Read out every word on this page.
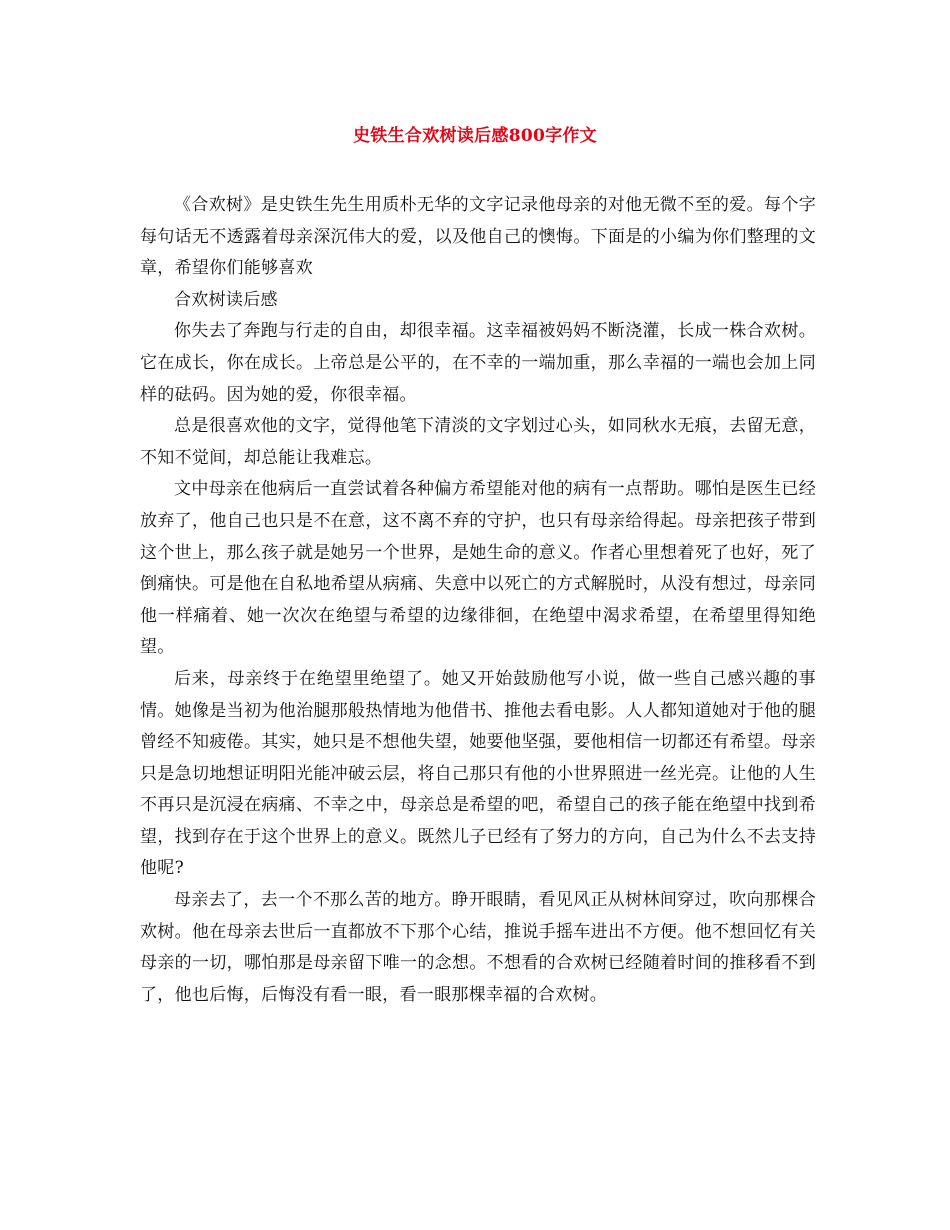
史铁生合欢树读后感800字作文

《合欢树》是史铁生先生用质朴无华的文字记录他母亲的对他无微不至的爱。每个字每句话无不透露着母亲深沉伟大的爱，以及他自己的懊悔。下面是的小编为你们整理的文章，希望你们能够喜欢

合欢树读后感

你失去了奔跑与行走的自由，却很幸福。这幸福被妈妈不断浇灌，长成一株合欢树。它在成长，你在成长。上帝总是公平的，在不幸的一端加重，那么幸福的一端也会加上同样的砝码。因为她的爱，你很幸福。

总是很喜欢他的文字，觉得他笔下清淡的文字划过心头，如同秋水无痕，去留无意，不知不觉间，却总能让我难忘。

文中母亲在他病后一直尝试着各种偏方希望能对他的病有一点帮助。哪怕是医生已经放弃了，他自己也只是不在意，这不离不弃的守护，也只有母亲给得起。母亲把孩子带到这个世上，那么孩子就是她另一个世界，是她生命的意义。作者心里想着死了也好，死了倒痛快。可是他在自私地希望从病痛、失意中以死亡的方式解脱时，从没有想过，母亲同他一样痛着、她一次次在绝望与希望的边缘徘徊，在绝望中渴求希望，在希望里得知绝望。

后来，母亲终于在绝望里绝望了。她又开始鼓励他写小说，做一些自己感兴趣的事情。她像是当初为他治腿那般热情地为他借书、推他去看电影。人人都知道她对于他的腿曾经不知疲倦。其实，她只是不想他失望，她要他坚强，要他相信一切都还有希望。母亲只是急切地想证明阳光能冲破云层，将自己那只有他的小世界照进一丝光亮。让他的人生不再只是沉浸在病痛、不幸之中，母亲总是希望的吧，希望自己的孩子能在绝望中找到希望，找到存在于这个世界上的意义。既然儿子已经有了努力的方向，自己为什么不去支持他呢?

母亲去了，去一个不那么苦的地方。睁开眼睛，看见风正从树林间穿过，吹向那棵合欢树。他在母亲去世后一直都放不下那个心结，推说手摇车进出不方便。他不想回忆有关母亲的一切，哪怕那是母亲留下唯一的念想。不想看的合欢树已经随着时间的推移看不到了，他也后悔，后悔没有看一眼，看一眼那棵幸福的合欢树。
